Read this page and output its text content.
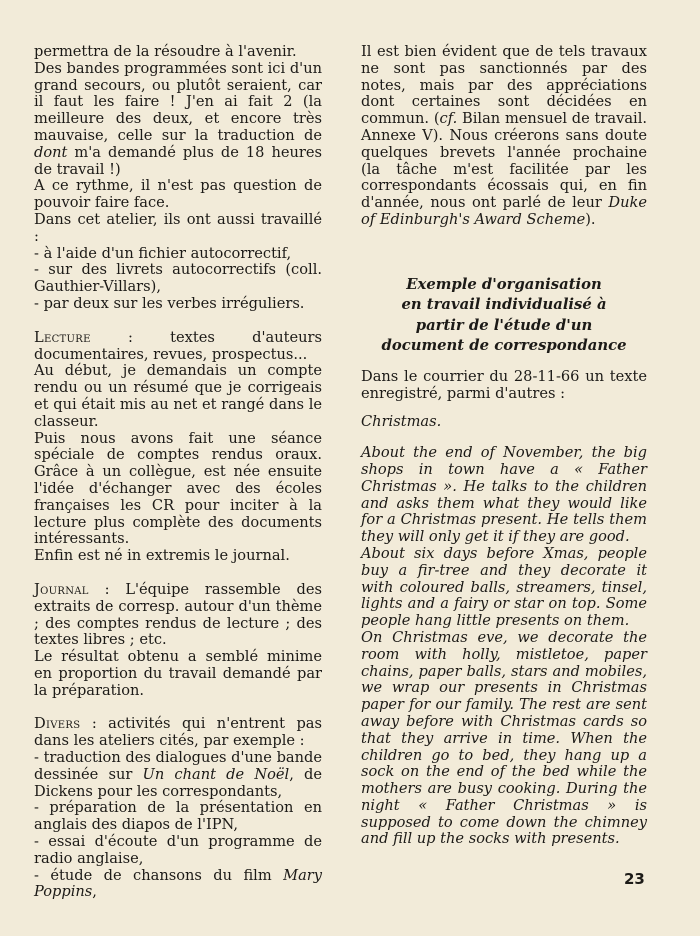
permettra de la résoudre à l'avenir.

Des bandes programmées sont ici d'un grand secours, ou plutôt seraient, car il faut les faire ! J'en ai fait 2 (la meilleure des deux, et encore très mauvaise, celle sur la traduction de dont m'a demandé plus de 18 heures de travail !)

A ce rythme, il n'est pas question de pouvoir faire face.

Dans cet atelier, ils ont aussi travaillé :

- à l'aide d'un fichier autocorrectif,

- sur des livrets autocorrectifs (coll. Gauthier-Villars),

- par deux sur les verbes irréguliers.

Lecture : textes d'auteurs documentaires, revues, prospectus...

Au début, je demandais un compte rendu ou un résumé que je corrigeais et qui était mis au net et rangé dans le classeur.

Puis nous avons fait une séance spéciale de comptes rendus oraux. Grâce à un collègue, est née ensuite l'idée d'échanger avec des écoles françaises les CR pour inciter à la lecture plus complète des documents intéressants.

Enfin est né in extremis le journal.

Journal : L'équipe rassemble des extraits de corresp. autour d'un thème ; des comptes rendus de lecture ; des textes libres ; etc.

Le résultat obtenu a semblé minime en proportion du travail demandé par la préparation.

Divers : activités qui n'entrent pas dans les ateliers cités, par exemple :

- traduction des dialogues d'une bande dessinée sur Un chant de Noël, de Dickens pour les correspondants,

- préparation de la présentation en anglais des diapos de l'IPN,

- essai d'écoute d'un programme de radio anglaise,

- étude de chansons du film Mary Poppins,

Il est bien évident que de tels travaux ne sont pas sanctionnés par des notes, mais par des appréciations dont certaines sont décidées en commun. (cf. Bilan mensuel de travail. Annexe V). Nous créerons sans doute quelques brevets l'année prochaine (la tâche m'est facilitée par les correspondants écossais qui, en fin d'année, nous ont parlé de leur Duke of Edinburgh's Award Scheme).

Exemple d'organisation

en travail individualisé à

partir de l'étude d'un

document de correspondance

Dans le courrier du 28-11-66 un texte enregistré, parmi d'autres :

Christmas.

About the end of November, the big shops in town have a « Father Christmas ». He talks to the children and asks them what they would like for a Christmas present. He tells them they will only get it if they are good.

About six days before Xmas, people buy a fir-tree and they decorate it with coloured balls, streamers, tinsel, lights and a fairy or star on top. Some people hang little presents on them.

On Christmas eve, we decorate the room with holly, mistletoe, paper chains, paper balls, stars and mobiles, we wrap our presents in Christmas paper for our family. The rest are sent away before with Christmas cards so that they arrive in time. When the children go to bed, they hang up a sock on the end of the bed while the mothers are busy cooking. During the night « Father Christmas » is supposed to come down the chimney and fill up the socks with presents.

23
